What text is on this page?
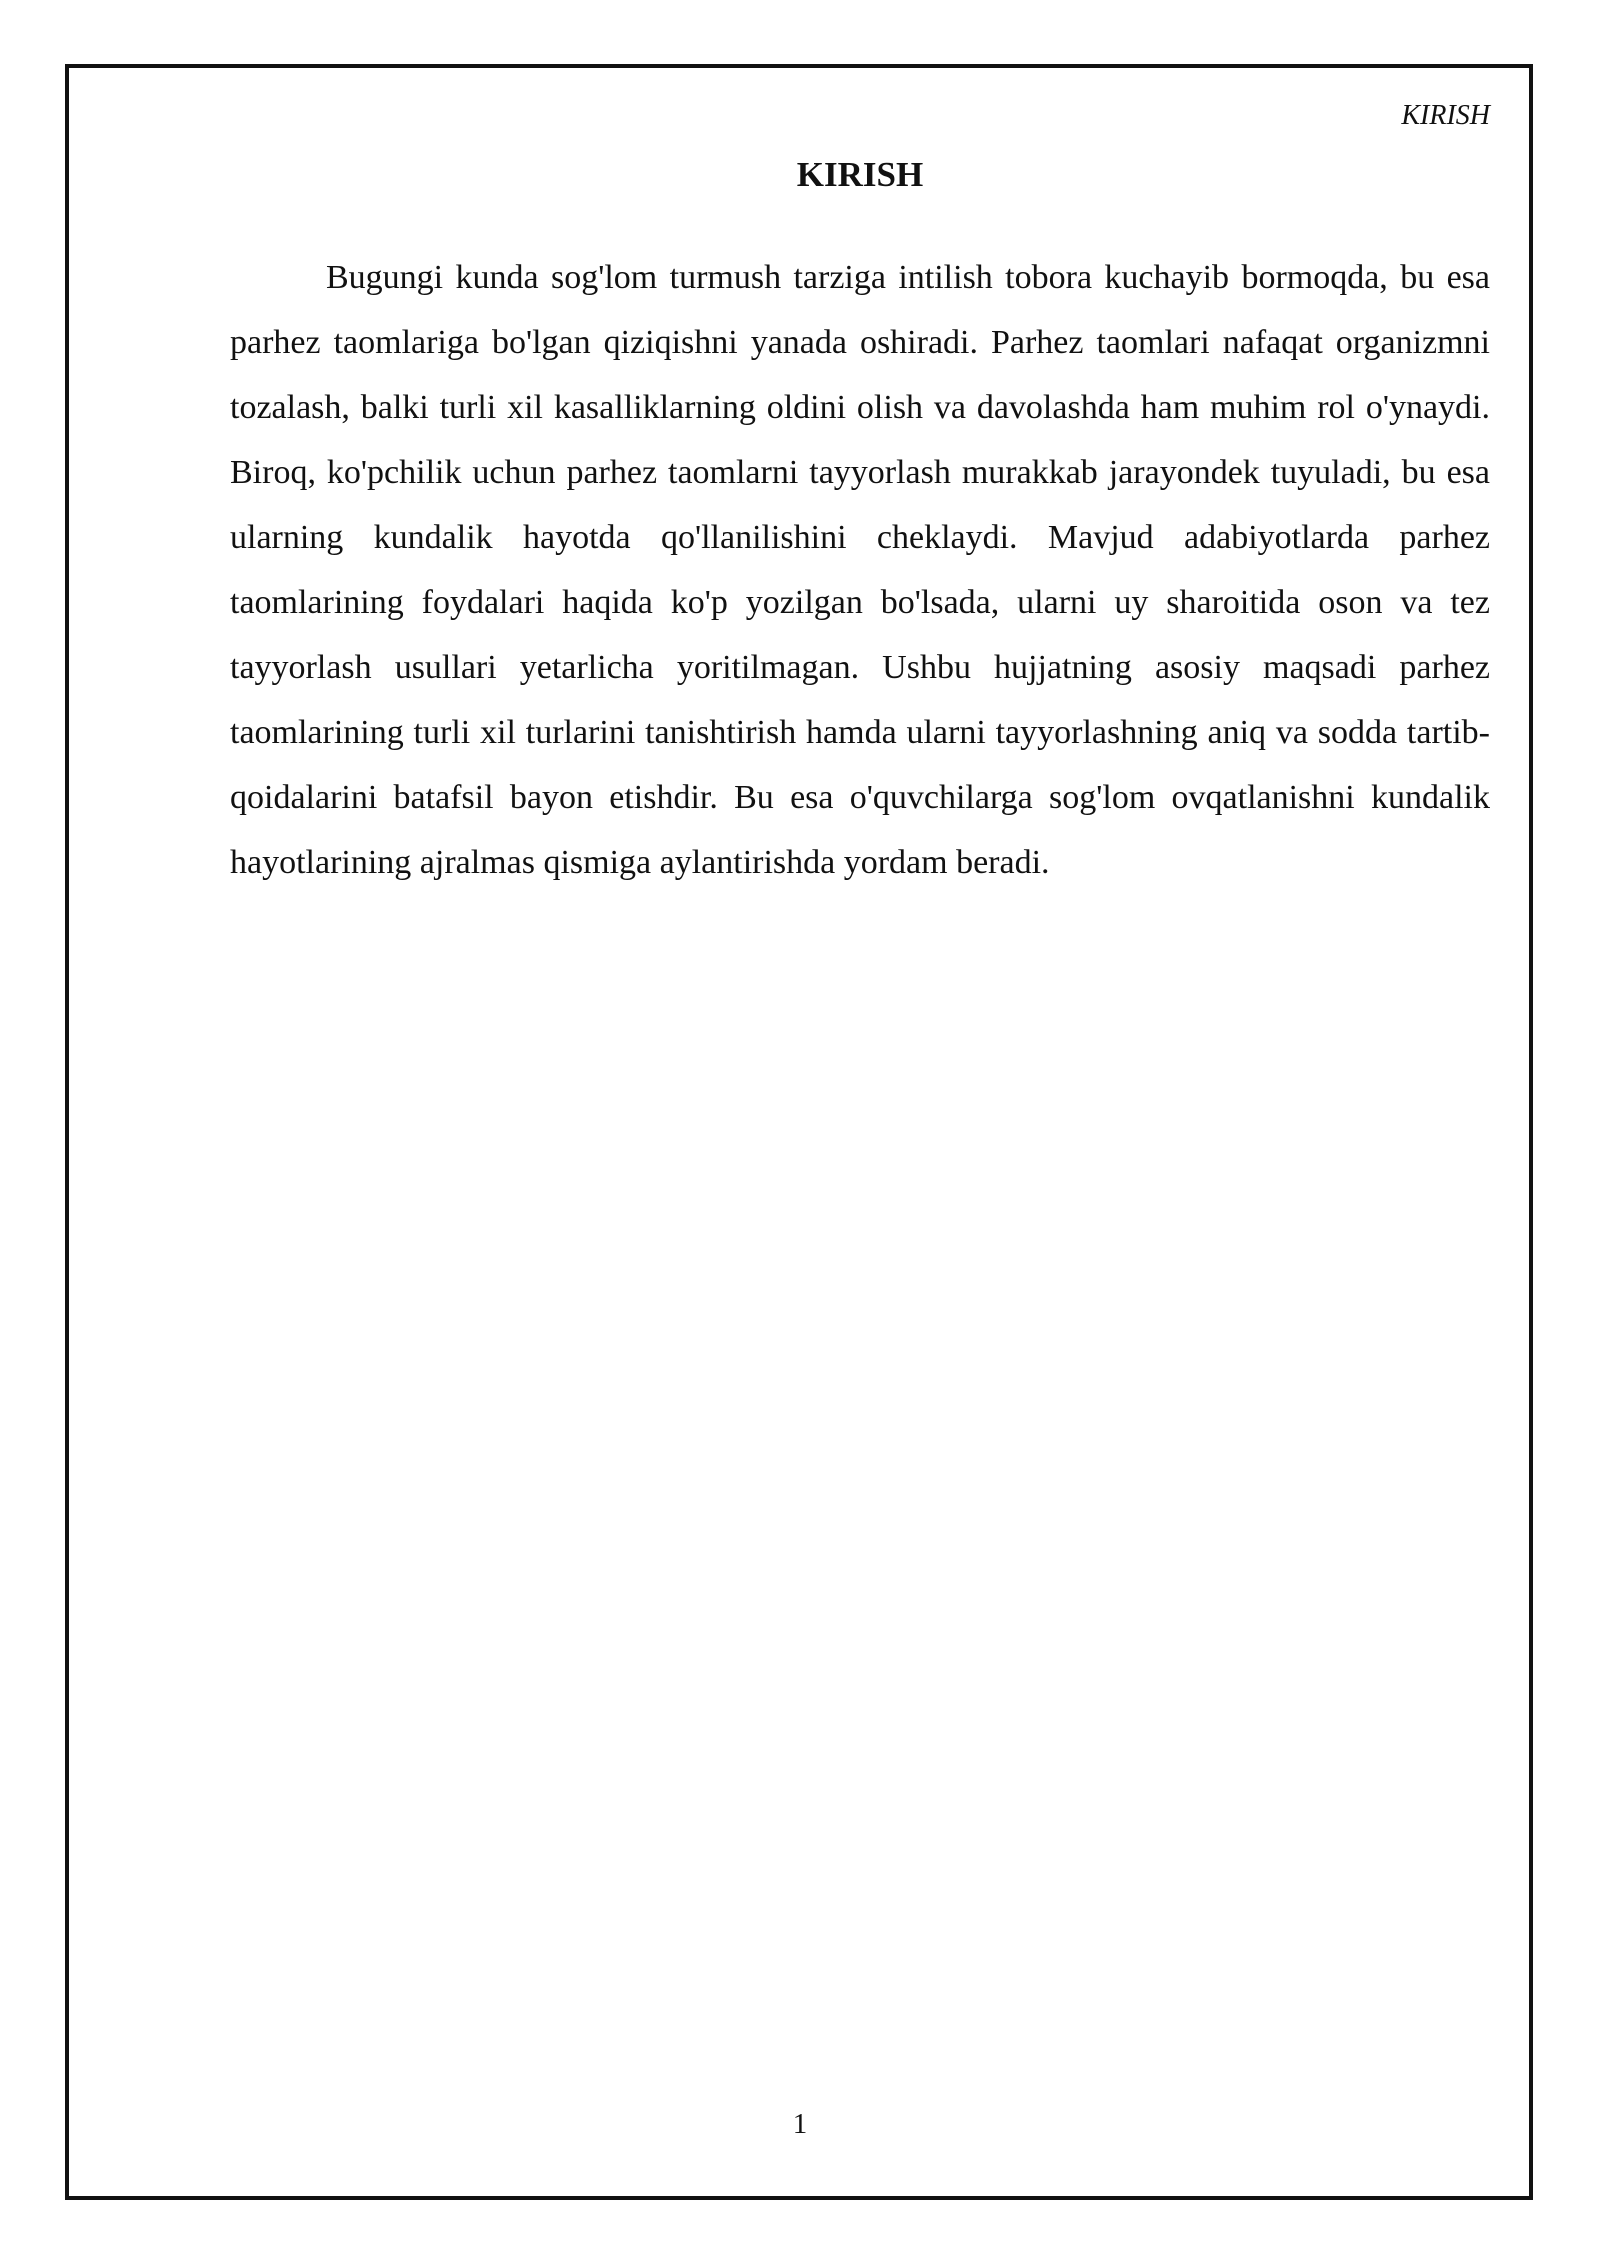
KIRISH
KIRISH

Bugungi kunda sog'lom turmush tarziga intilish tobora kuchayib bormoqda, bu esa parhez taomlariga bo'lgan qiziqishni yanada oshiradi. Parhez taomlari nafaqat organizmni tozalash, balki turli xil kasalliklarning oldini olish va davolashda ham muhim rol o'ynaydi. Biroq, ko'pchilik uchun parhez taomlarni tayyorlash murakkab jarayondek tuyuladi, bu esa ularning kundalik hayotda qo'llanilishini cheklaydi. Mavjud adabiyotlarda parhez taomlarining foydalari haqida ko'p yozilgan bo'lsada, ularni uy sharoitida oson va tez tayyorlash usullari yetarlicha yoritilmagan. Ushbu hujjatning asosiy maqsadi parhez taomlarining turli xil turlarini tanishtirish hamda ularni tayyorlashning aniq va sodda tartib-qoidalarini batafsil bayon etishdir. Bu esa o'quvchilarga sog'lom ovqatlanishni kundalik hayotlarining ajralmas qismiga aylantirishda yordam beradi.

1
